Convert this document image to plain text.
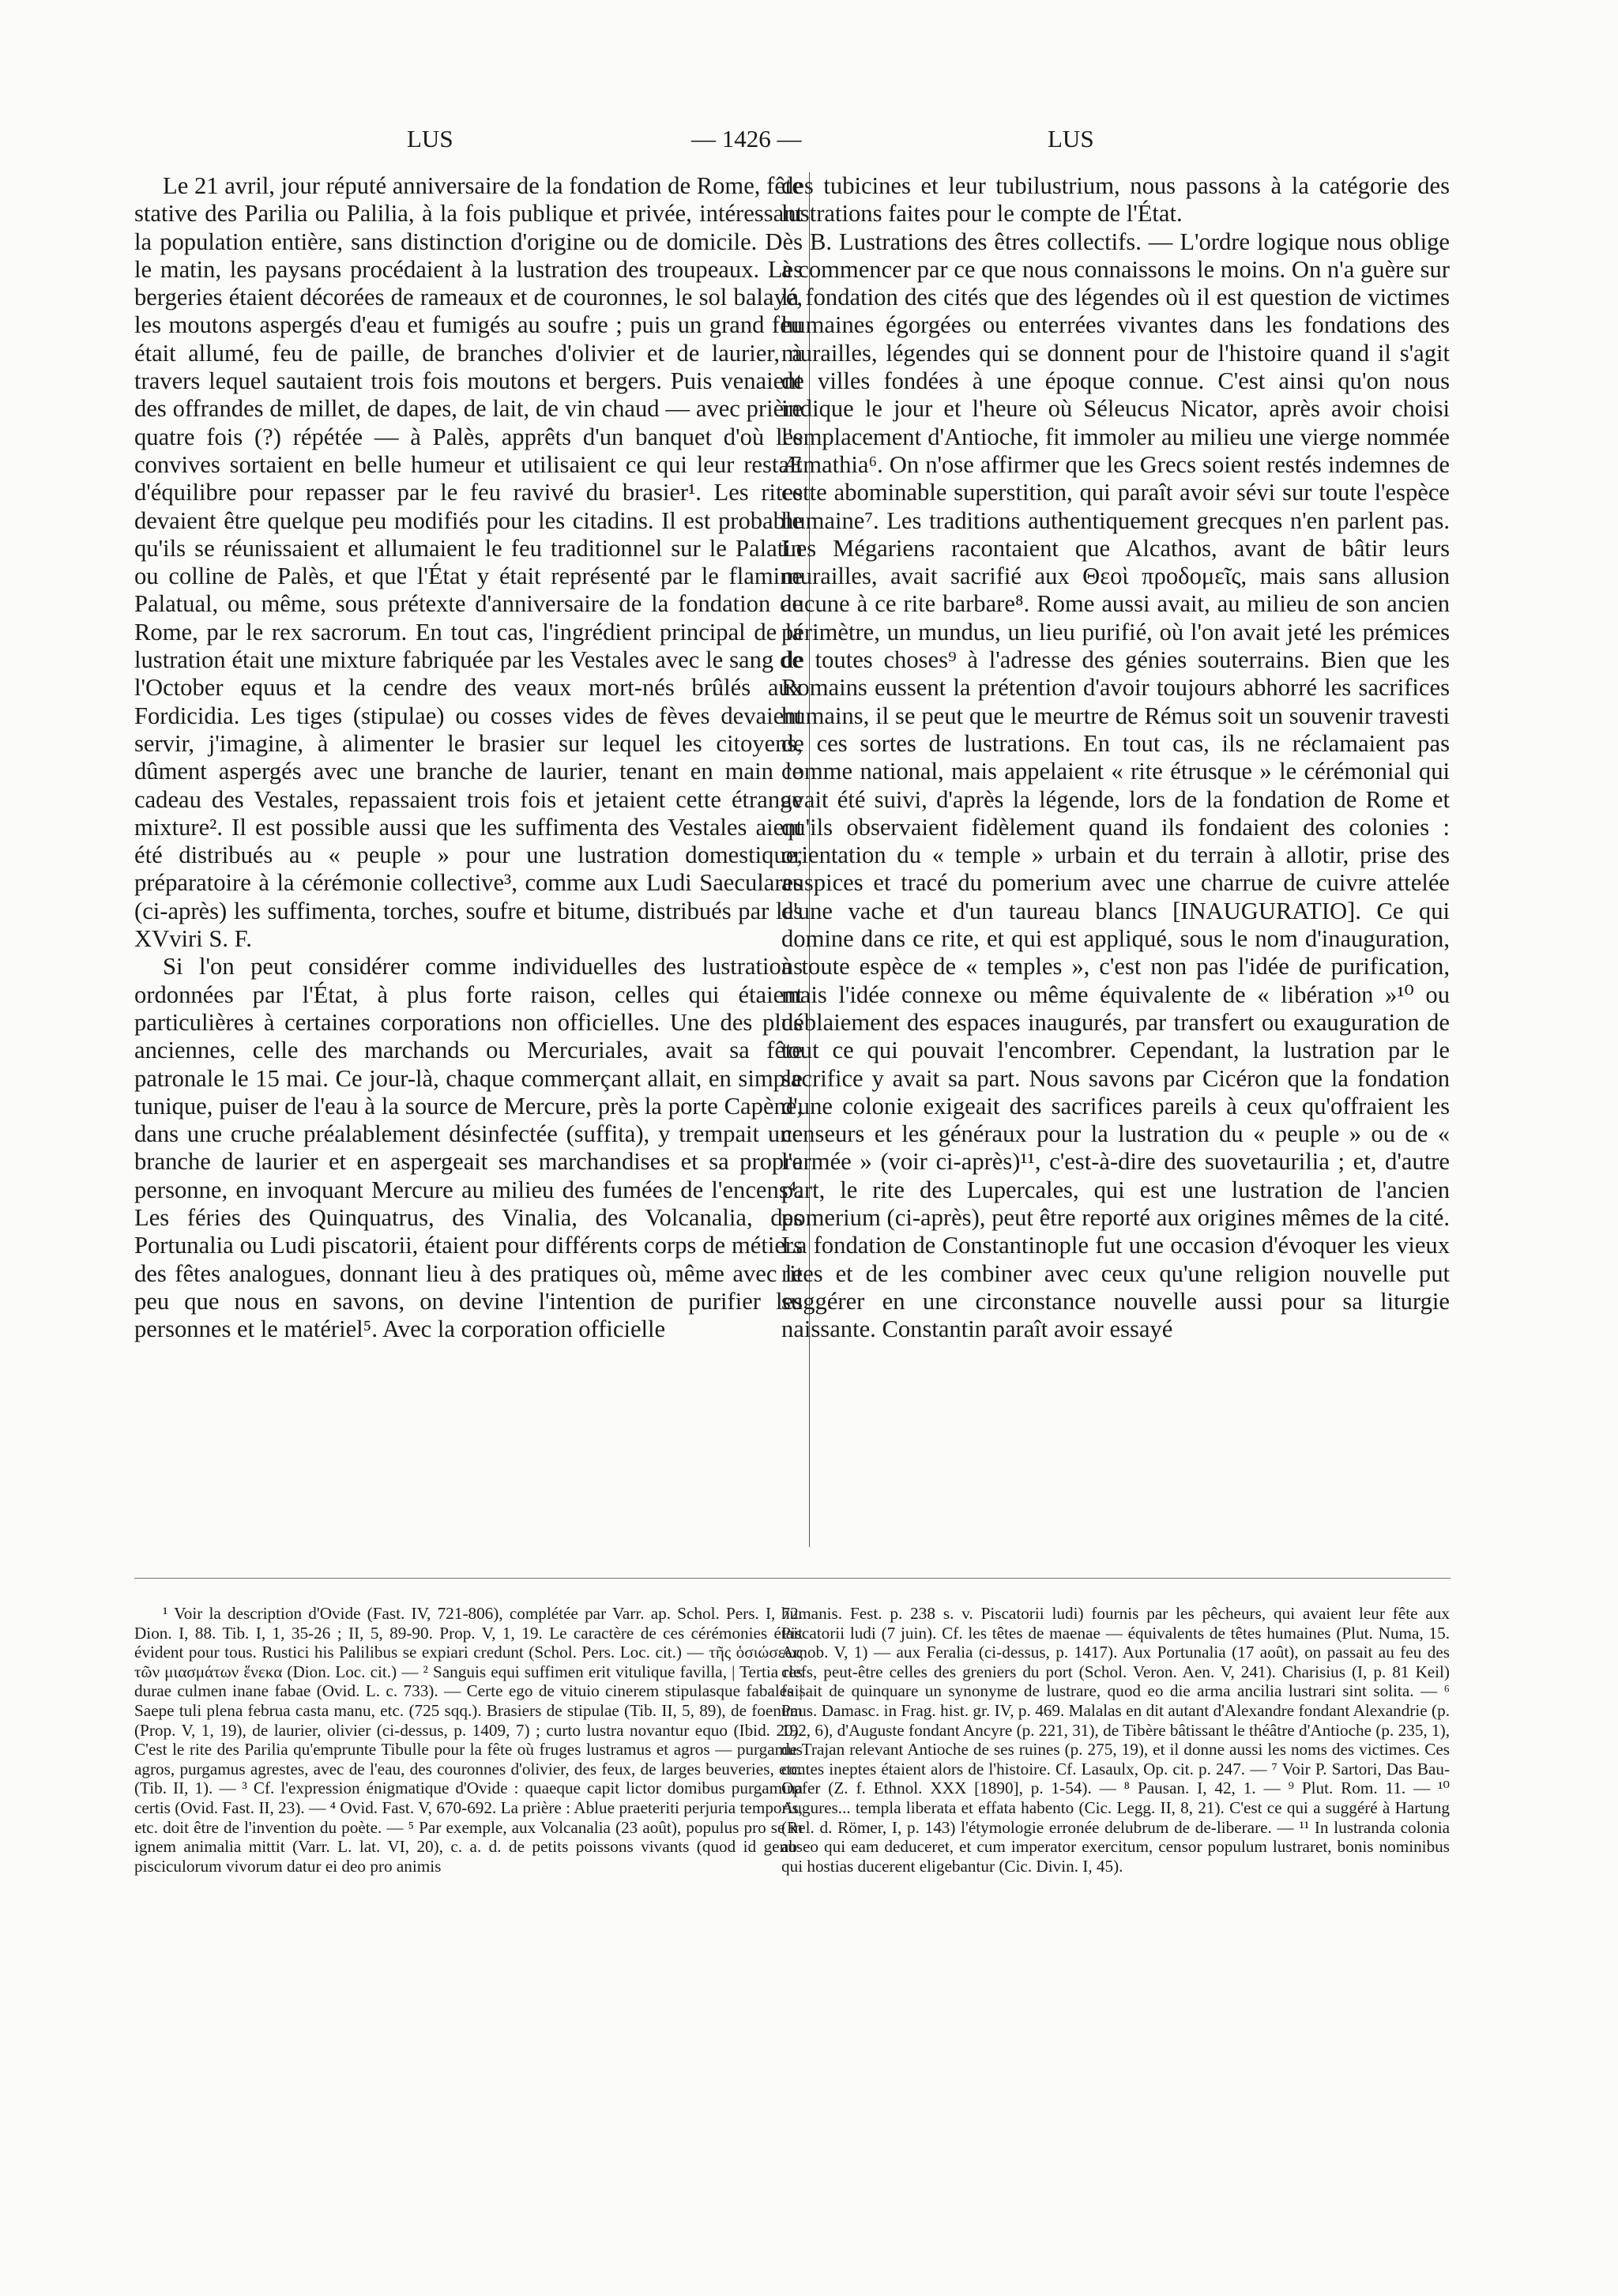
LUS	— 1426 —	LUS

Le 21 avril, jour réputé anniversaire de la fondation de Rome, fête stative des Parilia ou Palilia, à la fois publique et privée, intéressant la population entière, sans distinction d'origine ou de domicile. Dès le matin, les paysans procédaient à la lustration des troupeaux. Les bergeries étaient décorées de rameaux et de couronnes, le sol balayé, les moutons aspergés d'eau et fumigés au soufre ; puis un grand feu était allumé, feu de paille, de branches d'olivier et de laurier, à travers lequel sautaient trois fois moutons et bergers. Puis venaient des offrandes de millet, de dapes, de lait, de vin chaud — avec prière quatre fois (?) répétée — à Palès, apprêts d'un banquet d'où les convives sortaient en belle humeur et utilisaient ce qui leur restait d'équilibre pour repasser par le feu ravivé du brasier¹. Les rites devaient être quelque peu modifiés pour les citadins. Il est probable qu'ils se réunissaient et allumaient le feu traditionnel sur le Palatin ou colline de Palès, et que l'État y était représenté par le flamine Palatual, ou même, sous prétexte d'anniversaire de la fondation de Rome, par le rex sacrorum. En tout cas, l'ingrédient principal de la lustration était une mixture fabriquée par les Vestales avec le sang de l'October equus et la cendre des veaux mort-nés brûlés aux Fordicidia. Les tiges (stipulae) ou cosses vides de fèves devaient servir, j'imagine, à alimenter le brasier sur lequel les citoyens, dûment aspergés avec une branche de laurier, tenant en main le cadeau des Vestales, repassaient trois fois et jetaient cette étrange mixture². Il est possible aussi que les suffimenta des Vestales aient été distribués au « peuple » pour une lustration domestique, préparatoire à la cérémonie collective³, comme aux Ludi Saeculares (ci-après) les suffimenta, torches, soufre et bitume, distribués par les XVviri S. F.

Si l'on peut considérer comme individuelles des lustrations ordonnées par l'État, à plus forte raison, celles qui étaient particulières à certaines corporations non officielles. Une des plus anciennes, celle des marchands ou Mercuriales, avait sa fête patronale le 15 mai. Ce jour-là, chaque commerçant allait, en simple tunique, puiser de l'eau à la source de Mercure, près la porte Capène, dans une cruche préalablement désinfectée (suffita), y trempait une branche de laurier et en aspergeait ses marchandises et sa propre personne, en invoquant Mercure au milieu des fumées de l'encens⁴. Les féries des Quinquatrus, des Vinalia, des Volcanalia, des Portunalia ou Ludi piscatorii, étaient pour différents corps de métiers des fêtes analogues, donnant lieu à des pratiques où, même avec le peu que nous en savons, on devine l'intention de purifier les personnes et le matériel⁵. Avec la corporation officielle

des tubicines et leur tubilustrium, nous passons à la catégorie des lustrations faites pour le compte de l'État.

B. Lustrations des êtres collectifs. — L'ordre logique nous oblige à commencer par ce que nous connaissons le moins. On n'a guère sur la fondation des cités que des légendes où il est question de victimes humaines égorgées ou enterrées vivantes dans les fondations des murailles, légendes qui se donnent pour de l'histoire quand il s'agit de villes fondées à une époque connue. C'est ainsi qu'on nous indique le jour et l'heure où Séleucus Nicator, après avoir choisi l'emplacement d'Antioche, fit immoler au milieu une vierge nommée Æmathia⁶. On n'ose affirmer que les Grecs soient restés indemnes de cette abominable superstition, qui paraît avoir sévi sur toute l'espèce humaine⁷. Les traditions authentiquement grecques n'en parlent pas. Les Mégariens racontaient que Alcathos, avant de bâtir leurs murailles, avait sacrifié aux Θεοὶ προδομεῖς, mais sans allusion aucune à ce rite barbare⁸. Rome aussi avait, au milieu de son ancien périmètre, un mundus, un lieu purifié, où l'on avait jeté les prémices de toutes choses⁹ à l'adresse des génies souterrains. Bien que les Romains eussent la prétention d'avoir toujours abhorré les sacrifices humains, il se peut que le meurtre de Rémus soit un souvenir travesti de ces sortes de lustrations. En tout cas, ils ne réclamaient pas comme national, mais appelaient « rite étrusque » le cérémonial qui avait été suivi, d'après la légende, lors de la fondation de Rome et qu'ils observaient fidèlement quand ils fondaient des colonies : orientation du « temple » urbain et du terrain à allotir, prise des auspices et tracé du pomerium avec une charrue de cuivre attelée d'une vache et d'un taureau blancs [INAUGURATIO]. Ce qui domine dans ce rite, et qui est appliqué, sous le nom d'inauguration, à toute espèce de « temples », c'est non pas l'idée de purification, mais l'idée connexe ou même équivalente de « libération »¹⁰ ou déblaiement des espaces inaugurés, par transfert ou exauguration de tout ce qui pouvait l'encombrer. Cependant, la lustration par le sacrifice y avait sa part. Nous savons par Cicéron que la fondation d'une colonie exigeait des sacrifices pareils à ceux qu'offraient les censeurs et les généraux pour la lustration du « peuple » ou de « l'armée » (voir ci-après)¹¹, c'est-à-dire des suovetaurilia ; et, d'autre part, le rite des Lupercales, qui est une lustration de l'ancien pomerium (ci-après), peut être reporté aux origines mêmes de la cité. La fondation de Constantinople fut une occasion d'évoquer les vieux rites et de les combiner avec ceux qu'une religion nouvelle put suggérer en une circonstance nouvelle aussi pour sa liturgie naissante. Constantin paraît avoir essayé

¹ Voir la description d'Ovide (Fast. IV, 721-806), complétée par Varr. ap. Schol. Pers. I, 72. Dion. I, 88. Tib. I, 1, 35-26 ; II, 5, 89-90. Prop. V, 1, 19. Le caractère de ces cérémonies était évident pour tous. Rustici his Palilibus se expiari credunt (Schol. Pers. Loc. cit.) — τῆς ὁσιώσεως τῶν μιασμάτων ἕνεκα (Dion. Loc. cit.) — ² Sanguis equi suffimen erit vitulique favilla, | Tertia res durae culmen inane fabae (Ovid. L. c. 733). — Certe ego de vituio cinerem stipulasque fabales | Saepe tuli plena februa casta manu, etc. (725 sqq.). Brasiers de stipulae (Tib. II, 5, 89), de foenum (Prop. V, 1, 19), de laurier, olivier (ci-dessus, p. 1409, 7) ; curto lustra novantur equo (Ibid. 20). C'est le rite des Parilia qu'emprunte Tibulle pour la fête où fruges lustramus et agros — purgamus agros, purgamus agrestes, avec de l'eau, des couronnes d'olivier, des feux, de larges beuveries, etc. (Tib. II, 1). — ³ Cf. l'expression énigmatique d'Ovide : quaeque capit lictor domibus purgamina certis (Ovid. Fast. II, 23). — ⁴ Ovid. Fast. V, 670-692. La prière : Ablue praeteriti perjuria temporis, etc. doit être de l'invention du poète. — ⁵ Par exemple, aux Volcanalia (23 août), populus pro se in ignem animalia mittit (Varr. L. lat. VI, 20), c. a. d. de petits poissons vivants (quod id genus pisciculorum vivorum datur ei deo pro animis

humanis. Fest. p. 238 s. v. Piscatorii ludi) fournis par les pêcheurs, qui avaient leur fête aux Piscatorii ludi (7 juin). Cf. les têtes de maenae — équivalents de têtes humaines (Plut. Numa, 15. Arnob. V, 1) — aux Feralia (ci-dessus, p. 1417). Aux Portunalia (17 août), on passait au feu des clefs, peut-être celles des greniers du port (Schol. Veron. Aen. V, 241). Charisius (I, p. 81 Keil) faisait de quinquare un synonyme de lustrare, quod eo die arma ancilia lustrari sint solita. — ⁶ Paus. Damasc. in Frag. hist. gr. IV, p. 469. Malalas en dit autant d'Alexandre fondant Alexandrie (p. 192, 6), d'Auguste fondant Ancyre (p. 221, 31), de Tibère bâtissant le théâtre d'Antioche (p. 235, 1), de Trajan relevant Antioche de ses ruines (p. 275, 19), et il donne aussi les noms des victimes. Ces contes ineptes étaient alors de l'histoire. Cf. Lasaulx, Op. cit. p. 247. — ⁷ Voir P. Sartori, Das Bau-Opfer (Z. f. Ethnol. XXX [1890], p. 1-54). — ⁸ Pausan. I, 42, 1. — ⁹ Plut. Rom. 11. — ¹⁰ Augures... templa liberata et effata habento (Cic. Legg. II, 8, 21). C'est ce qui a suggéré à Hartung (Rel. d. Römer, I, p. 143) l'étymologie erronée delubrum de de-liberare. — ¹¹ In lustranda colonia ab eo qui eam deduceret, et cum imperator exercitum, censor populum lustraret, bonis nominibus qui hostias ducerent eligebantur (Cic. Divin. I, 45).
